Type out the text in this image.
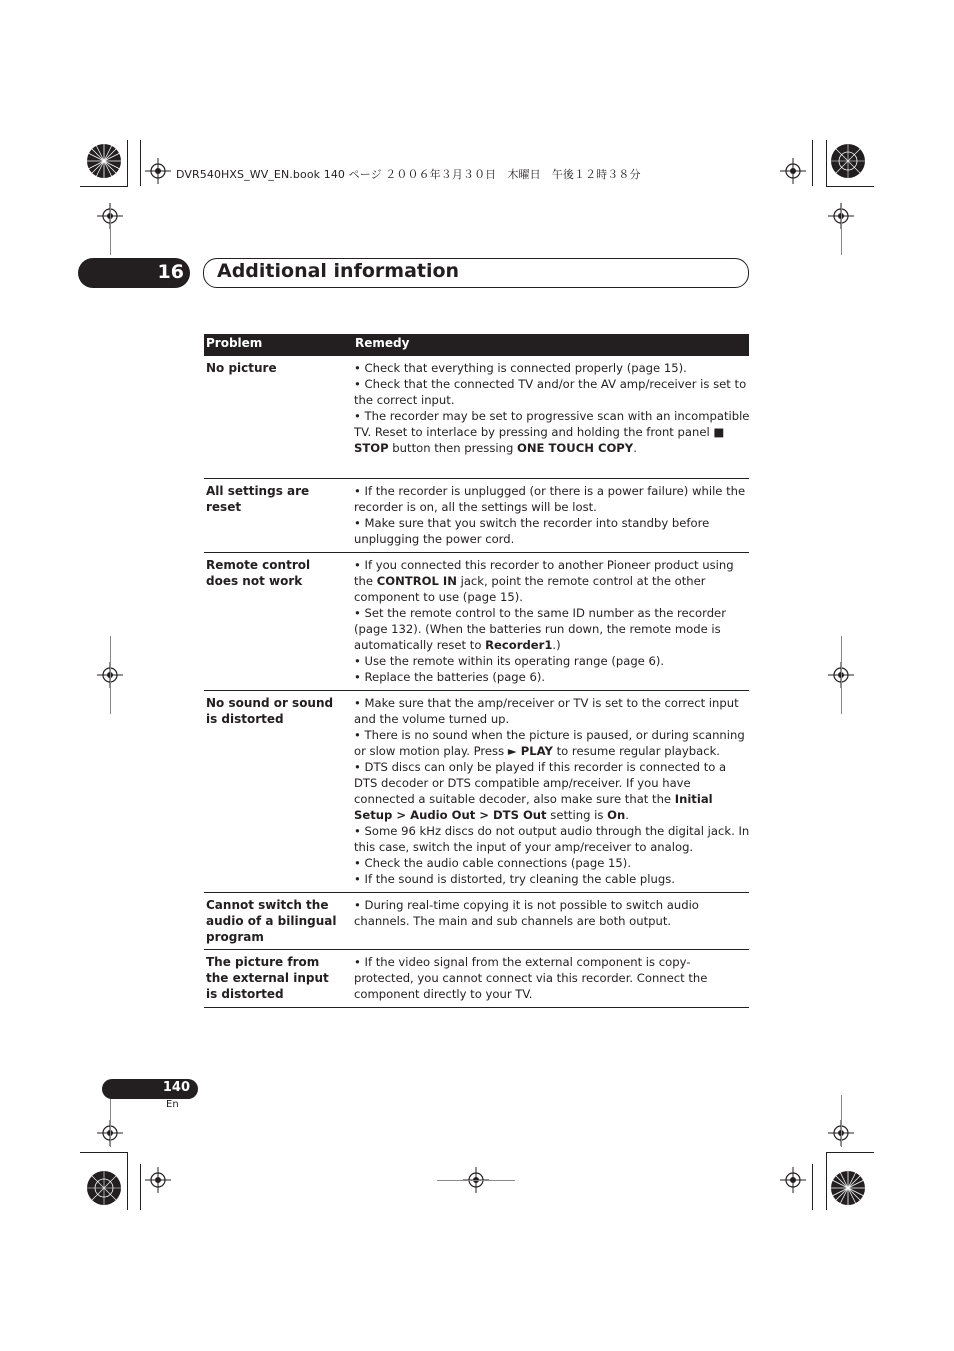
DVR540HXS_WV_EN.book 140 ページ ２００６年３月３０日　木曜日　午後１２時３８分
16 Additional information
Problem	Remedy
No picture	• Check that everything is connected properly (page 15).

• Check that the connected TV and/or the AV amp/receiver is set to the correct input.

• The recorder may be set to progressive scan with an incompatible TV. Reset to interlace by pressing and holding the front panel ■ STOP button then pressing ONE TOUCH COPY.

All settings are reset

• If the recorder is unplugged (or there is a power failure) while the recorder is on, all the settings will be lost.

• Make sure that you switch the recorder into standby before unplugging the power cord.

Remote control does not work

• If you connected this recorder to another Pioneer product using the CONTROL IN jack, point the remote control at the other component to use (page 15).

• Set the remote control to the same ID number as the recorder (page 132). (When the batteries run down, the remote mode is automatically reset to Recorder1.)

• Use the remote within its operating range (page 6).

• Replace the batteries (page 6).

No sound or sound is distorted

• Make sure that the amp/receiver or TV is set to the correct input and the volume turned up.

• There is no sound when the picture is paused, or during scanning or slow motion play. Press ► PLAY to resume regular playback.

• DTS discs can only be played if this recorder is connected to a DTS decoder or DTS compatible amp/receiver. If you have connected a suitable decoder, also make sure that the Initial Setup > Audio Out > DTS Out setting is On.

• Some 96 kHz discs do not output audio through the digital jack. In this case, switch the input of your amp/receiver to analog.

• Check the audio cable connections (page 15).

• If the sound is distorted, try cleaning the cable plugs.

Cannot switch the audio of a bilingual program

• During real-time copying it is not possible to switch audio channels. The main and sub channels are both output.

The picture from the external input is distorted

• If the video signal from the external component is copy-protected, you cannot connect via this recorder. Connect the component directly to your TV.

140
En
